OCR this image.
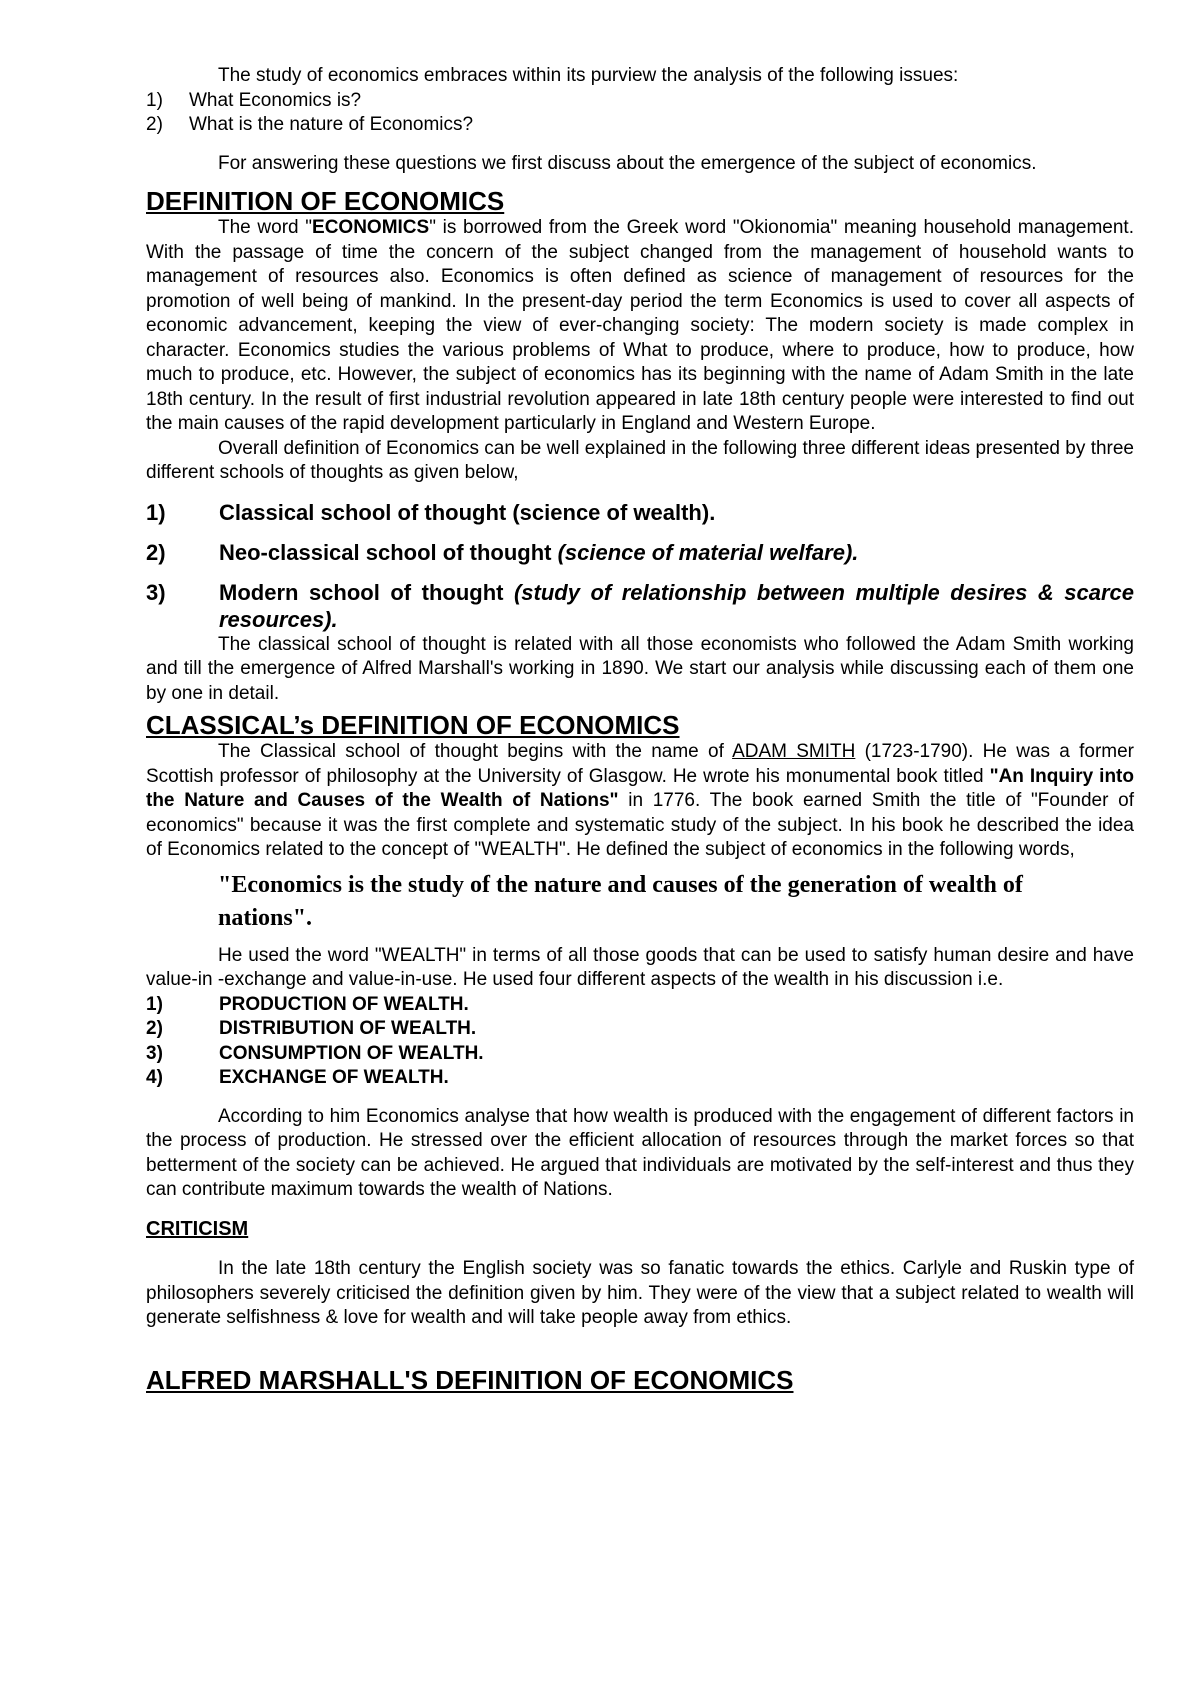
The study of economics embraces within its purview the analysis of the following issues:

1)	What Economics is?
2)	What is the nature of Economics?

For answering these questions we first discuss about the emergence of the subject of economics.

DEFINITION OF ECONOMICS

The word "ECONOMICS" is borrowed from the Greek word "Okionomia" meaning household management. With the passage of time the concern of the subject changed from the management of household wants to management of resources also. Economics is often defined as science of management of resources for the promotion of well being of mankind. In the present-day period the term Economics is used to cover all aspects of economic advancement, keeping the view of ever-changing society: The modern society is made complex in character. Economics studies the various problems of What to produce, where to produce, how to produce, how much to produce, etc. However, the subject of economics has its beginning with the name of Adam Smith in the late 18th century. In the result of first industrial revolution appeared in late 18th century people were interested to find out the main causes of the rapid development particularly in England and Western Europe.

Overall definition of Economics can be well explained in the following three different ideas presented by three different schools of thoughts as given below,

1)	Classical school of thought (science of wealth).
2)	Neo-classical school of thought (science of material welfare).
3)	Modern school of thought (study of relationship between multiple desires & scarce resources).

The classical school of thought is related with all those economists who followed the Adam Smith working and till the emergence of Alfred Marshall's working in 1890. We start our analysis while discussing each of them one by one in detail.

CLASSICAL’s DEFINITION OF ECONOMICS

The Classical school of thought begins with the name of ADAM SMITH (1723-1790). He was a former Scottish professor of philosophy at the University of Glasgow. He wrote his monumental book titled "An Inquiry into the Nature and Causes of the Wealth of Nations" in 1776. The book earned Smith the title of "Founder of economics" because it was the first complete and systematic study of the subject. In his book he described the idea of Economics related to the concept of "WEALTH". He defined the subject of economics in the following words,

"Economics is the study of the nature and causes of the generation of wealth of nations".

He used the word "WEALTH" in terms of all those goods that can be used to satisfy human desire and have value-in -exchange and value-in-use. He used four different aspects of the wealth in his discussion i.e.

1)	PRODUCTION OF WEALTH.
2)	DISTRIBUTION OF WEALTH.
3)	CONSUMPTION OF WEALTH.
4)	EXCHANGE OF WEALTH.

According to him Economics analyse that how wealth is produced with the engagement of different factors in the process of production. He stressed over the efficient allocation of resources through the market forces so that betterment of the society can be achieved. He argued that individuals are motivated by the self-interest and thus they can contribute maximum towards the wealth of Nations.

CRITICISM

In the late 18th century the English society was so fanatic towards the ethics. Carlyle and Ruskin type of philosophers severely criticised the definition given by him. They were of the view that a subject related to wealth will generate selfishness & love for wealth and will take people away from ethics.

ALFRED MARSHALL'S DEFINITION OF ECONOMICS
